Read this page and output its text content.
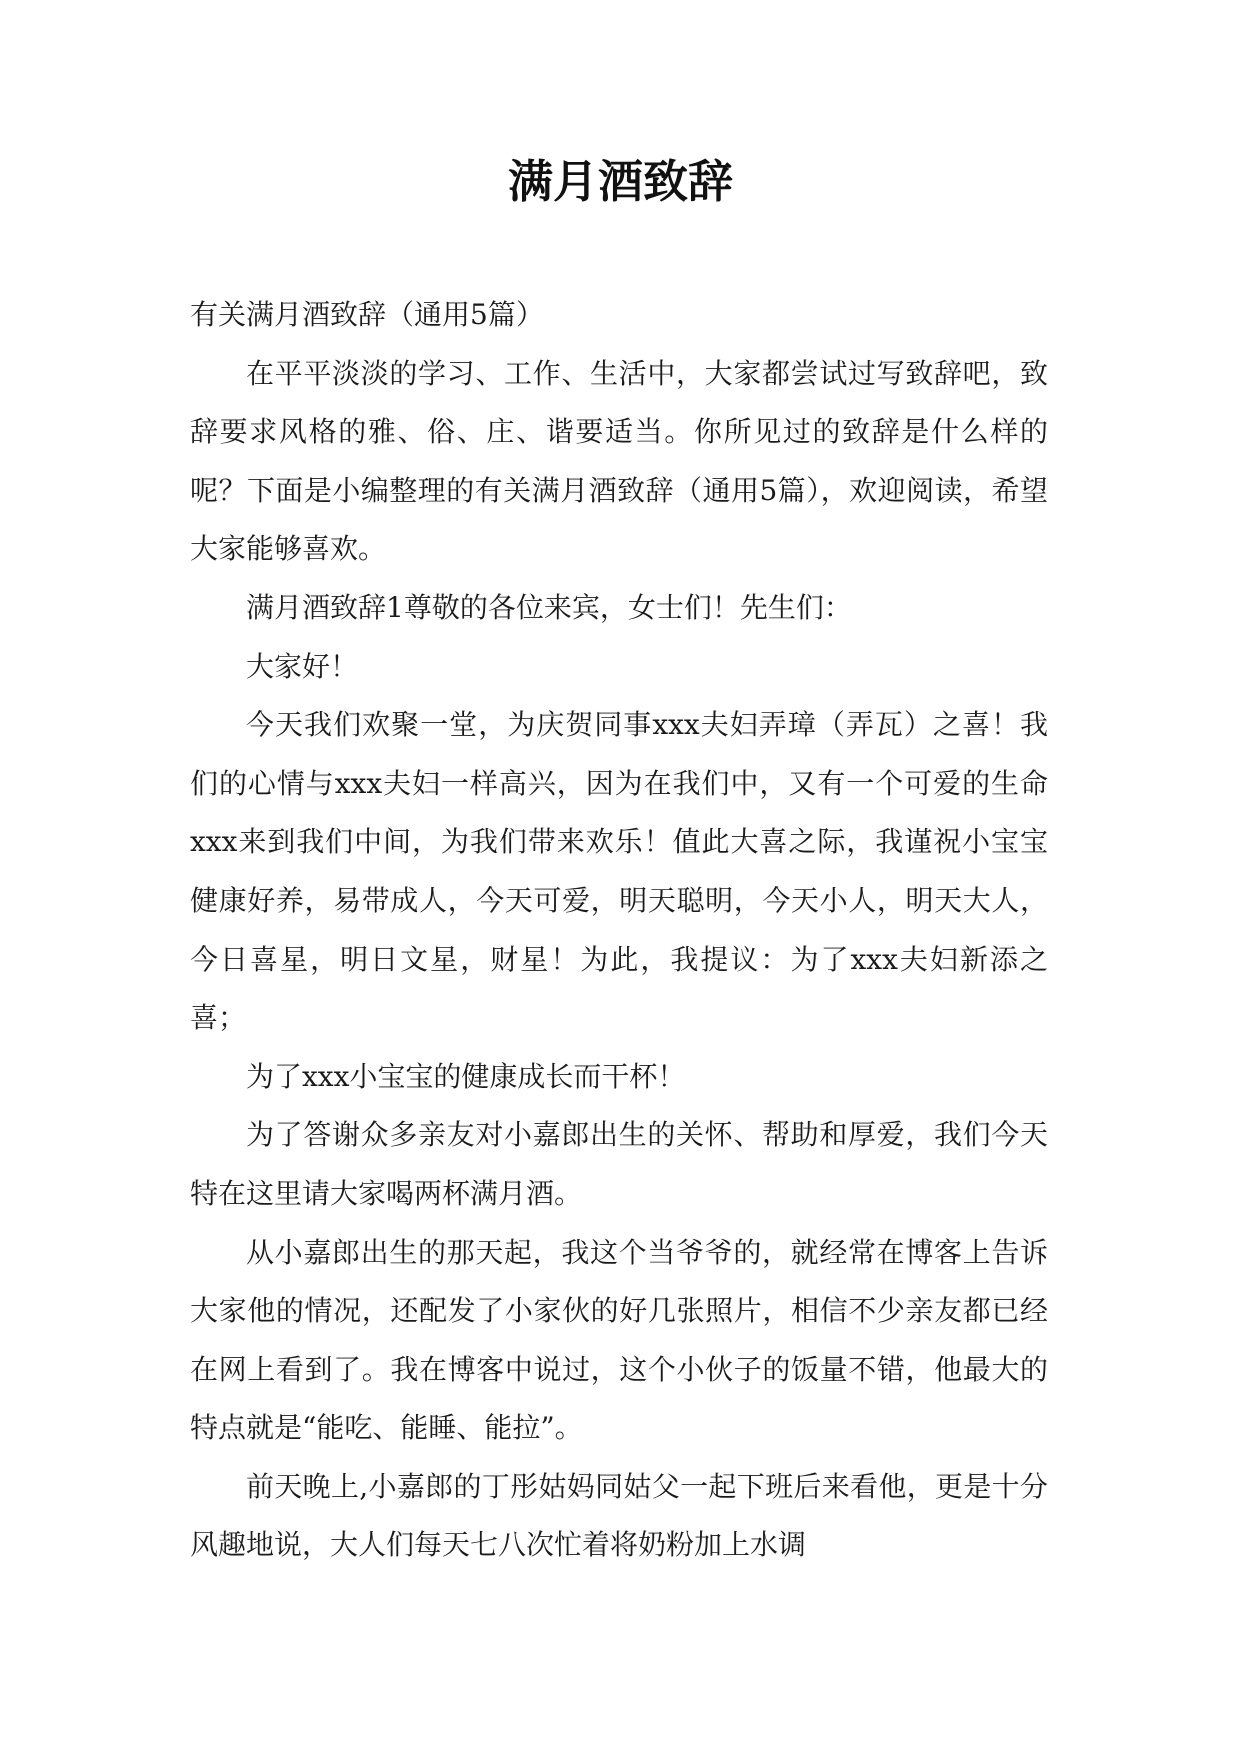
满月酒致辞

有关满月酒致辞（通用5篇）

在平平淡淡的学习、工作、生活中，大家都尝试过写致辞吧，致辞要求风格的雅、俗、庄、谐要适当。你所见过的致辞是什么样的呢？下面是小编整理的有关满月酒致辞（通用5篇），欢迎阅读，希望大家能够喜欢。

满月酒致辞1尊敬的各位来宾，女士们！先生们：

大家好！

今天我们欢聚一堂，为庆贺同事xxx夫妇弄璋（弄瓦）之喜！我们的心情与xxx夫妇一样高兴，因为在我们中，又有一个可爱的生命xxx来到我们中间，为我们带来欢乐！值此大喜之际，我谨祝小宝宝健康好养，易带成人，今天可爱，明天聪明，今天小人，明天大人，今日喜星，明日文星，财星！为此，我提议：为了xxx夫妇新添之喜；

为了xxx小宝宝的健康成长而干杯！

为了答谢众多亲友对小嘉郎出生的关怀、帮助和厚爱，我们今天特在这里请大家喝两杯满月酒。

从小嘉郎出生的那天起，我这个当爷爷的，就经常在博客上告诉大家他的情况，还配发了小家伙的好几张照片，相信不少亲友都已经在网上看到了。我在博客中说过，这个小伙子的饭量不错，他最大的特点就是“能吃、能睡、能拉”。

前天晚上,小嘉郎的丁彤姑妈同姑父一起下班后来看他，更是十分风趣地说，大人们每天七八次忙着将奶粉加上水调
